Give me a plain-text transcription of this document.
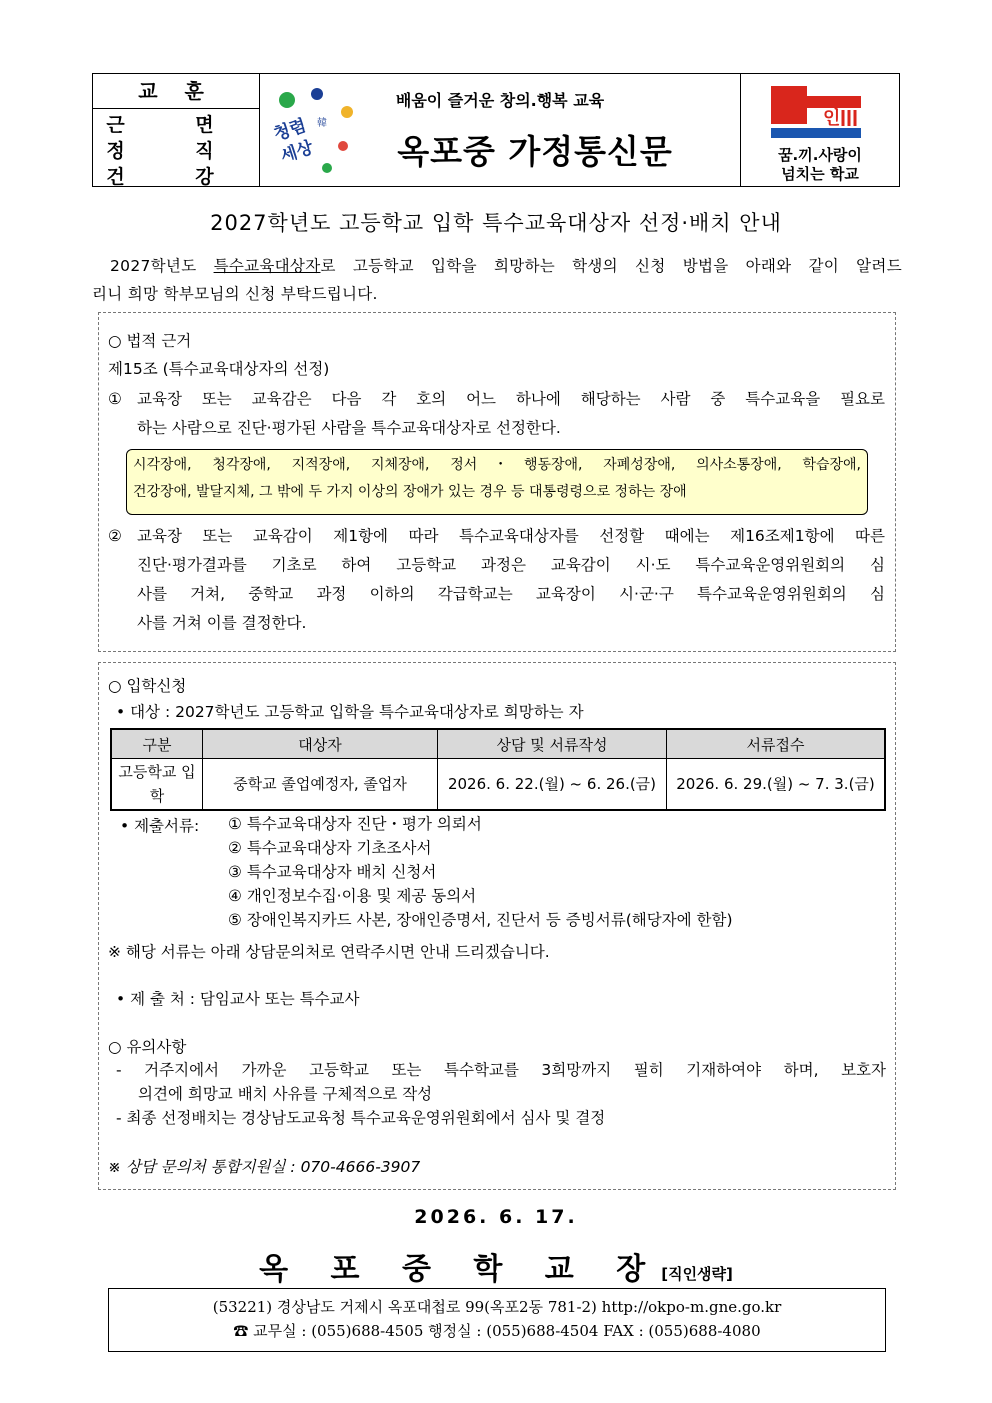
교 훈
근 면
정 직
건 강
청렴
세상
韓
배움이 즐거운 창의.행복 교육
옥포중 가정통신문
인
꿈.끼.사랑이
넘치는 학교
2027학년도 고등학교 입학 특수교육대상자 선정·배치 안내
2027학년도 특수교육대상자로 고등학교 입학을 희망하는 학생의 신청 방법을 아래와 같이 알려드
리니 희망 학부모님의 신청 부탁드립니다.
○ 법적 근거
제15조 (특수교육대상자의 선정)
① 교육장 또는 교육감은 다음 각 호의 어느 하나에 해당하는 사람 중 특수교육을 필요로
하는 사람으로 진단·평가된 사람을 특수교육대상자로 선정한다.
시각장애, 청각장애, 지적장애, 지체장애, 정서・행동장애, 자폐성장애, 의사소통장애, 학습장애,
건강장애, 발달지체, 그 밖에 두 가지 이상의 장애가 있는 경우 등 대통령령으로 정하는 장애
② 교육장 또는 교육감이 제1항에 따라 특수교육대상자를 선정할 때에는 제16조제1항에 따른
진단·평가결과를 기초로 하여 고등학교 과정은 교육감이 시·도 특수교육운영위원회의 심
사를 거쳐, 중학교 과정 이하의 각급학교는 교육장이 시·군·구 특수교육운영위원회의 심
사를 거쳐 이를 결정한다.
○ 입학신청
• 대상 : 2027학년도 고등학교 입학을 특수교육대상자로 희망하는 자
구분	대상자	상담 및 서류작성	서류접수
고등학교 입학	중학교 졸업예정자, 졸업자	2026. 6. 22.(월) ~ 6. 26.(금)	2026. 6. 29.(월) ~ 7. 3.(금)
• 제출서류: ① 특수교육대상자 진단・평가 의뢰서
② 특수교육대상자 기초조사서
③ 특수교육대상자 배치 신청서
④ 개인정보수집·이용 및 제공 동의서
⑤ 장애인복지카드 사본, 장애인증명서, 진단서 등 증빙서류(해당자에 한함)
※ 해당 서류는 아래 상담문의처로 연락주시면 안내 드리겠습니다.
• 제 출 처 : 담임교사 또는 특수교사
○ 유의사항
- 거주지에서 가까운 고등학교 또는 특수학교를 3희망까지 필히 기재하여야 하며, 보호자
의견에 희망교 배치 사유를 구체적으로 작성
- 최종 선정배치는 경상남도교육청 특수교육운영위원회에서 심사 및 결정
※ 상담 문의처 통합지원실 : 070-4666-3907
2026. 6. 17.
옥 포 중 학 교 장[직인생략]
(53221) 경상남도 거제시 옥포대첩로 99(옥포2동 781-2) http://okpo-m.gne.go.kr
☎ 교무실 : (055)688-4505 행정실 : (055)688-4504 FAX : (055)688-4080
